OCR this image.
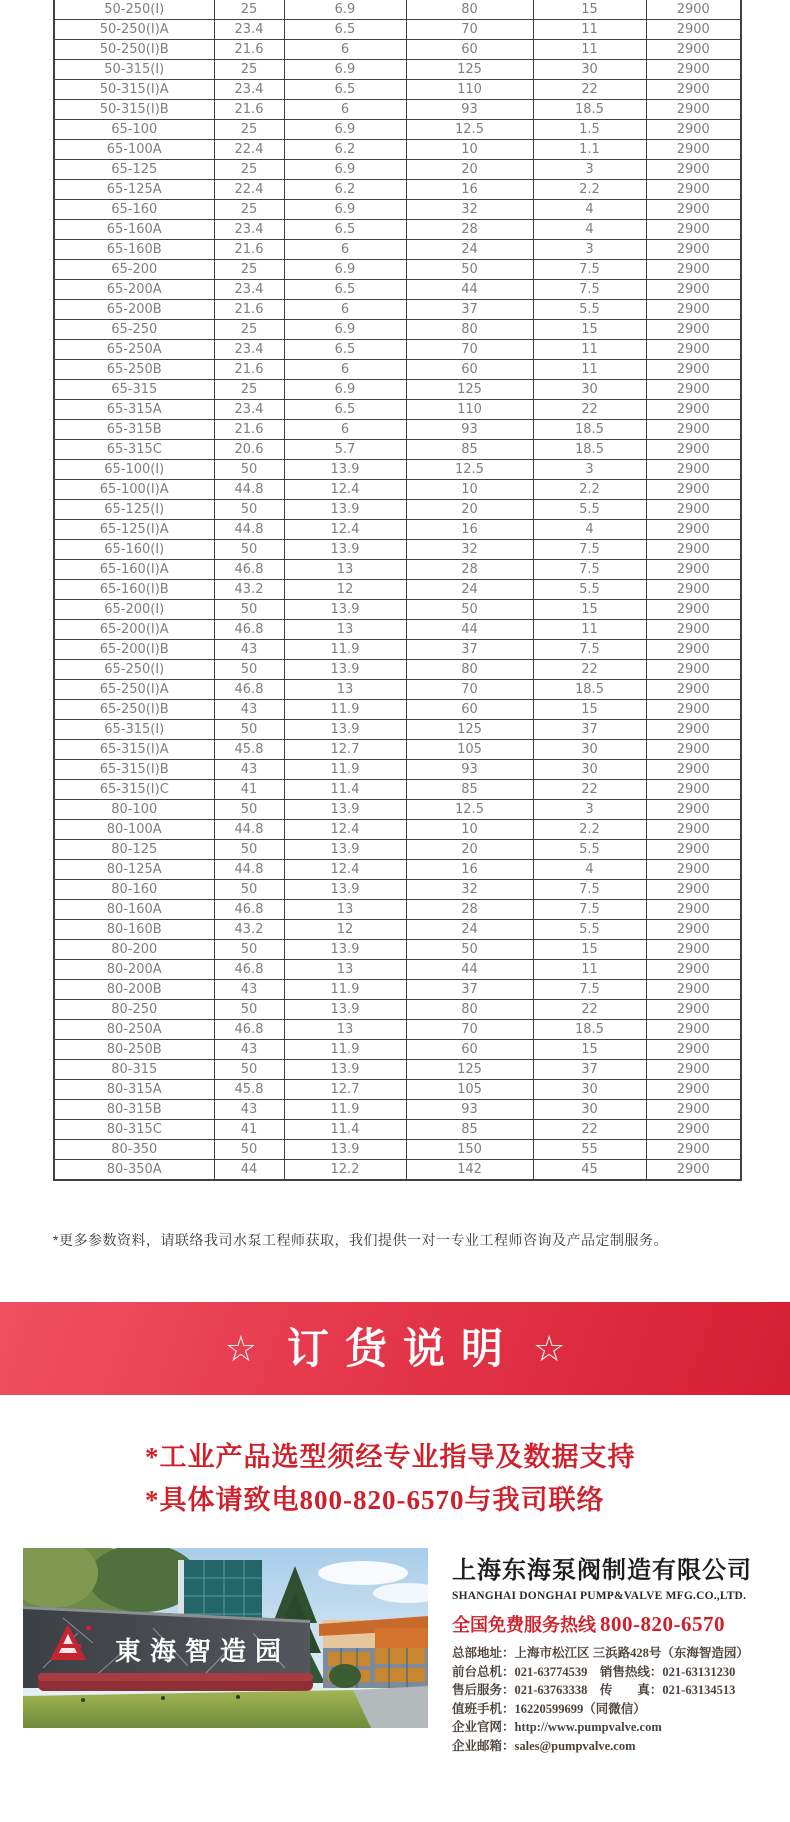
50-250(I)	25	6.9	80	15	2900
50-250(I)A	23.4	6.5	70	11	2900
50-250(I)B	21.6	6	60	11	2900
50-315(I)	25	6.9	125	30	2900
50-315(I)A	23.4	6.5	110	22	2900
50-315(I)B	21.6	6	93	18.5	2900
65-100	25	6.9	12.5	1.5	2900
65-100A	22.4	6.2	10	1.1	2900
65-125	25	6.9	20	3	2900
65-125A	22.4	6.2	16	2.2	2900
65-160	25	6.9	32	4	2900
65-160A	23.4	6.5	28	4	2900
65-160B	21.6	6	24	3	2900
65-200	25	6.9	50	7.5	2900
65-200A	23.4	6.5	44	7.5	2900
65-200B	21.6	6	37	5.5	2900
65-250	25	6.9	80	15	2900
65-250A	23.4	6.5	70	11	2900
65-250B	21.6	6	60	11	2900
65-315	25	6.9	125	30	2900
65-315A	23.4	6.5	110	22	2900
65-315B	21.6	6	93	18.5	2900
65-315C	20.6	5.7	85	18.5	2900
65-100(I)	50	13.9	12.5	3	2900
65-100(I)A	44.8	12.4	10	2.2	2900
65-125(I)	50	13.9	20	5.5	2900
65-125(I)A	44.8	12.4	16	4	2900
65-160(I)	50	13.9	32	7.5	2900
65-160(I)A	46.8	13	28	7.5	2900
65-160(I)B	43.2	12	24	5.5	2900
65-200(I)	50	13.9	50	15	2900
65-200(I)A	46.8	13	44	11	2900
65-200(I)B	43	11.9	37	7.5	2900
65-250(I)	50	13.9	80	22	2900
65-250(I)A	46.8	13	70	18.5	2900
65-250(I)B	43	11.9	60	15	2900
65-315(I)	50	13.9	125	37	2900
65-315(I)A	45.8	12.7	105	30	2900
65-315(I)B	43	11.9	93	30	2900
65-315(I)C	41	11.4	85	22	2900
80-100	50	13.9	12.5	3	2900
80-100A	44.8	12.4	10	2.2	2900
80-125	50	13.9	20	5.5	2900
80-125A	44.8	12.4	16	4	2900
80-160	50	13.9	32	7.5	2900
80-160A	46.8	13	28	7.5	2900
80-160B	43.2	12	24	5.5	2900
80-200	50	13.9	50	15	2900
80-200A	46.8	13	44	11	2900
80-200B	43	11.9	37	7.5	2900
80-250	50	13.9	80	22	2900
80-250A	46.8	13	70	18.5	2900
80-250B	43	11.9	60	15	2900
80-315	50	13.9	125	37	2900
80-315A	45.8	12.7	105	30	2900
80-315B	43	11.9	93	30	2900
80-315C	41	11.4	85	22	2900
80-350	50	13.9	150	55	2900
80-350A	44	12.2	142	45	2900
*更多参数资料，请联络我司水泵工程师获取，我们提供一对一专业工程师咨询及产品定制服务。
☆ 订货说明 ☆
*工业产品选型须经专业指导及数据支持
*具体请致电800-820-6570与我司联络
東海智造园
上海东海泵阀制造有限公司
SHANGHAI DONGHAI PUMP&VALVE MFG.CO.,LTD.
全国免费服务热线 800-820-6570
总部地址：上海市松江区 三浜路428号（东海智造园）
前台总机：021-63774539　销售热线：021-63131230
售后服务：021-63763338　传　　真：021-63134513
值班手机：16220599699（同微信）
企业官网：http://www.pumpvalve.com
企业邮箱：sales@pumpvalve.com
